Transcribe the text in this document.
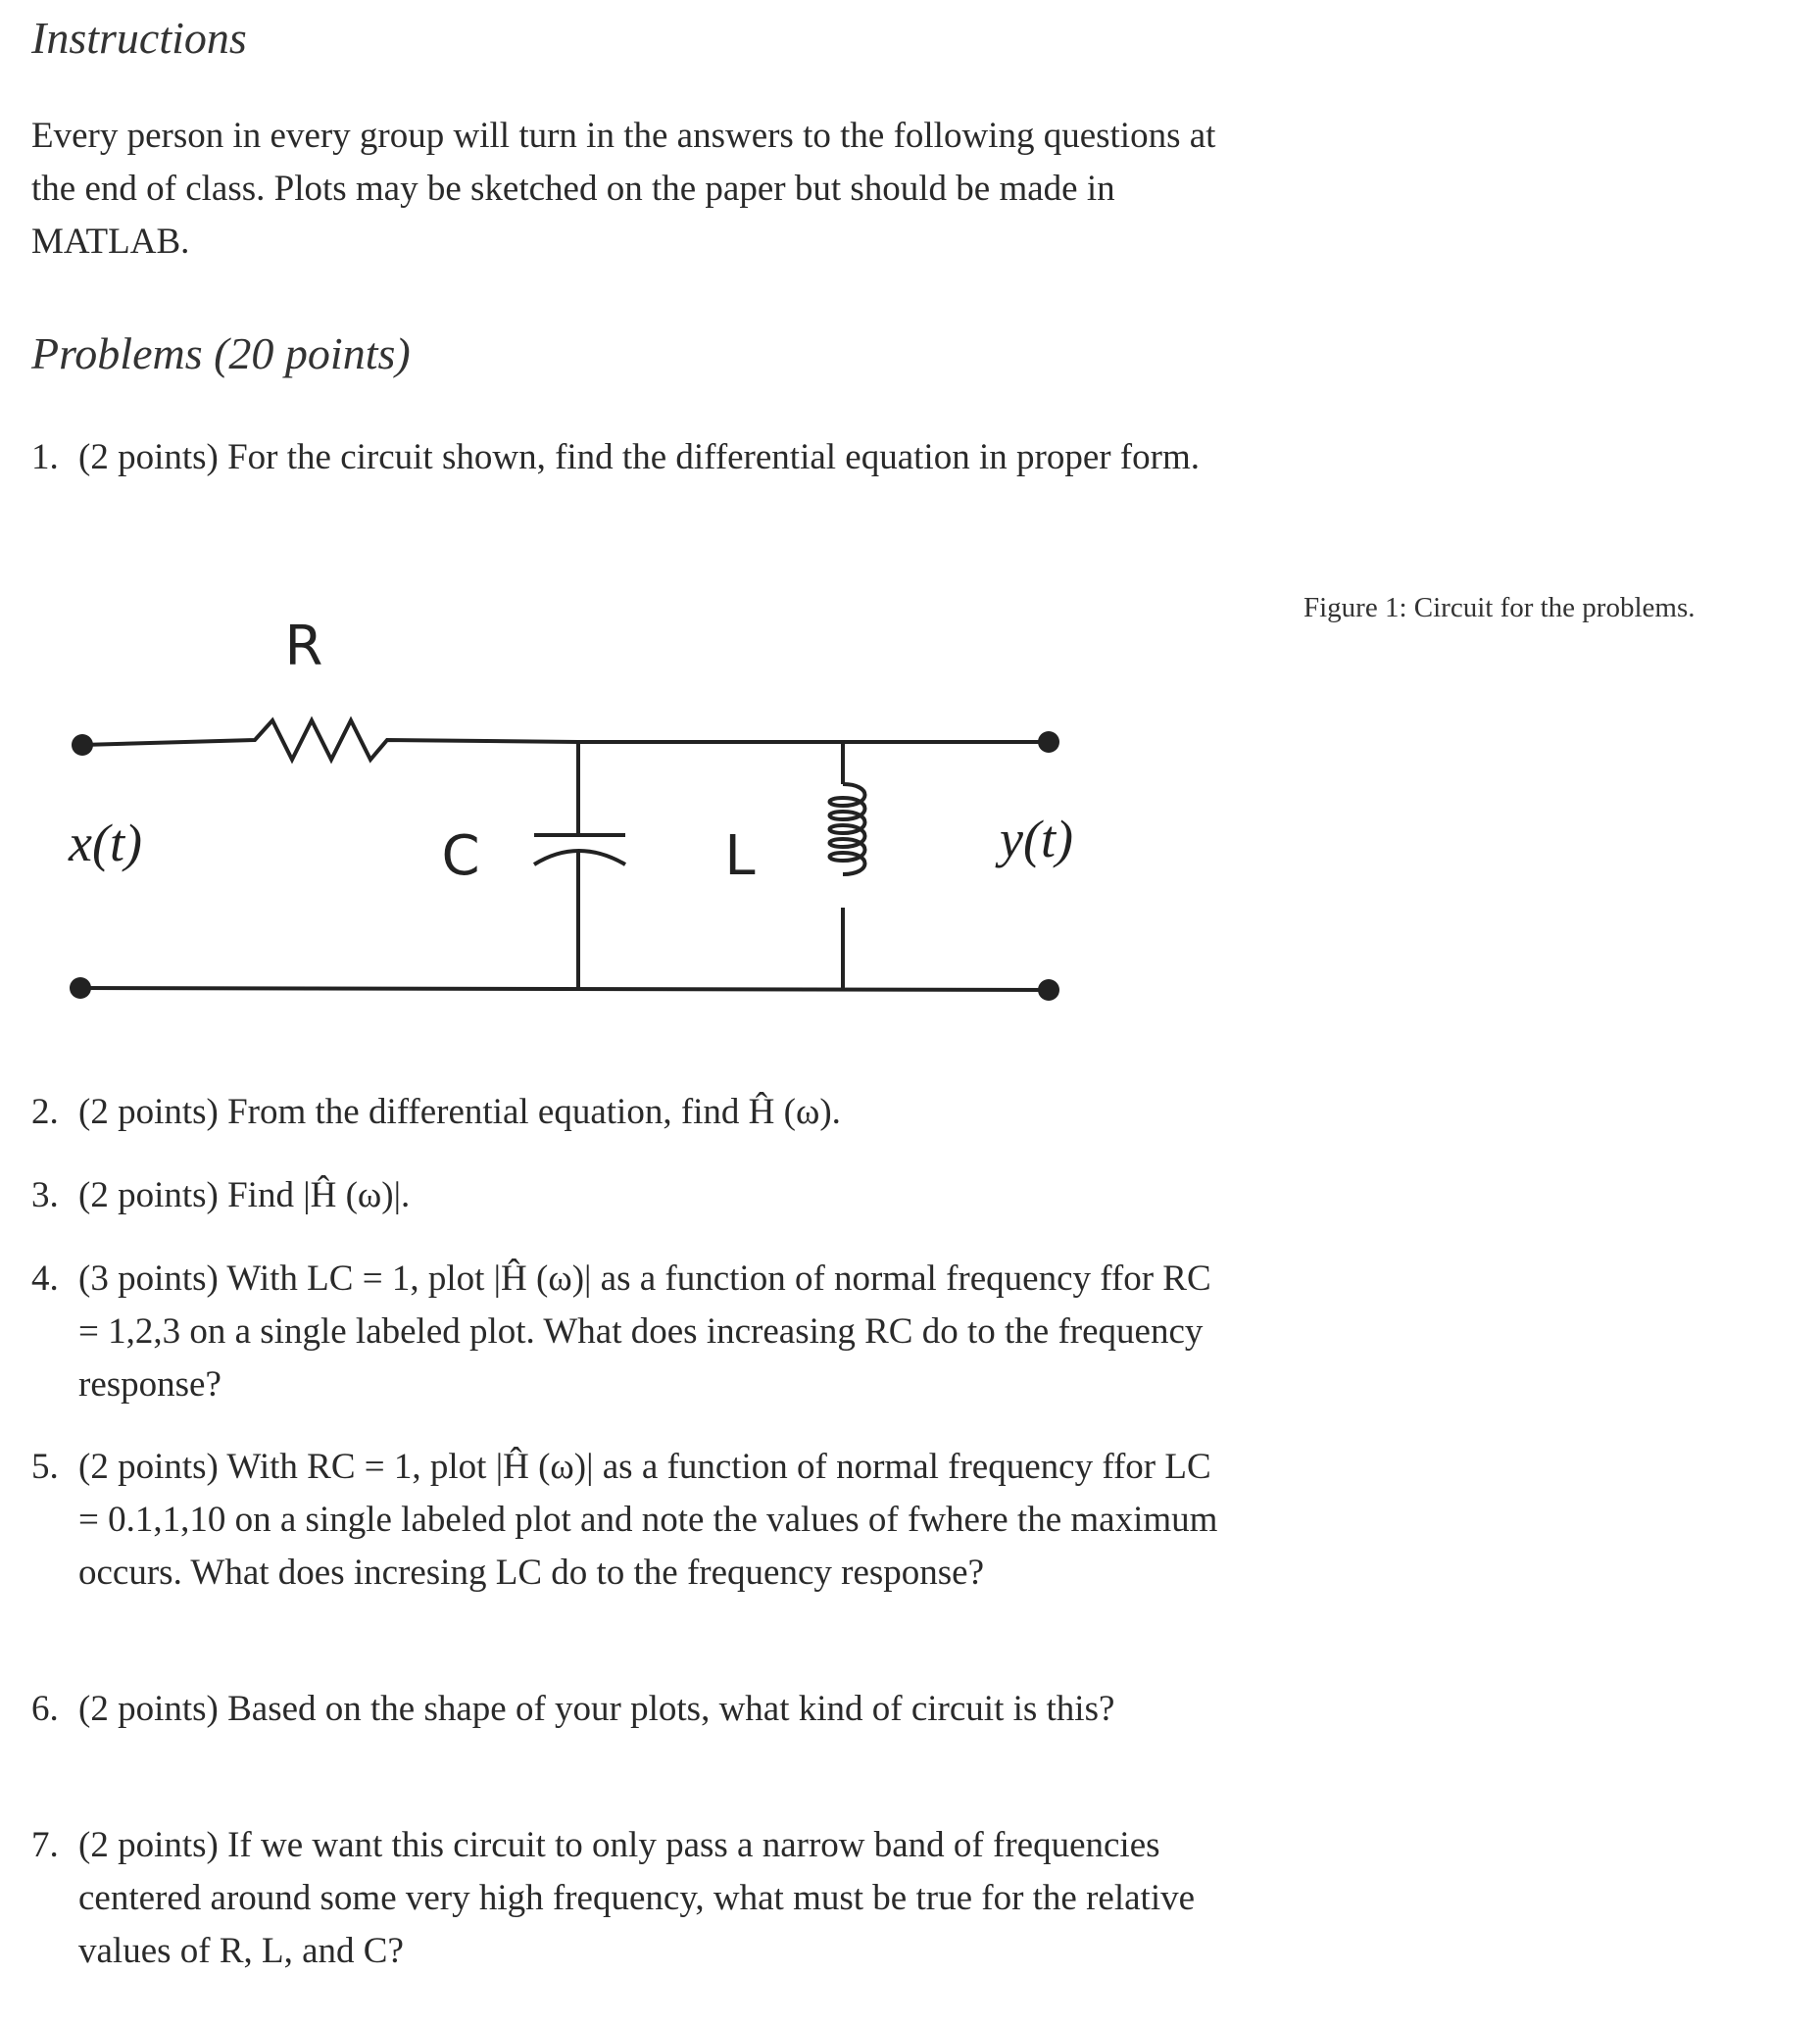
Instructions

Every person in every group will turn in the answers to the following questions at the end of class. Plots may be sketched on the paper but should be made in MATLAB.

Problems (20 points)
1. (2 points) For the circuit shown, find the differential equation in proper form.
Figure 1: Circuit for the problems.
R
C	L
x(t)	y(t)
2. (2 points) From the differential equation, find Ĥ (ω).
3. (2 points) Find |Ĥ (ω)|.
4. (3 points) With LC = 1, plot |Ĥ (ω)| as a function of normal frequency ffor RC = 1,2,3 on a single labeled plot. What does increasing RC do to the frequency response?
5. (2 points) With RC = 1, plot |Ĥ (ω)| as a function of normal frequency ffor LC = 0.1,1,10 on a single labeled plot and note the values of fwhere the maximum occurs. What does incresing LC do to the frequency response?
6. (2 points) Based on the shape of your plots, what kind of circuit is this?
7. (2 points) If we want this circuit to only pass a narrow band of frequencies centered around some very high frequency, what must be true for the relative values of R, L, and C?
